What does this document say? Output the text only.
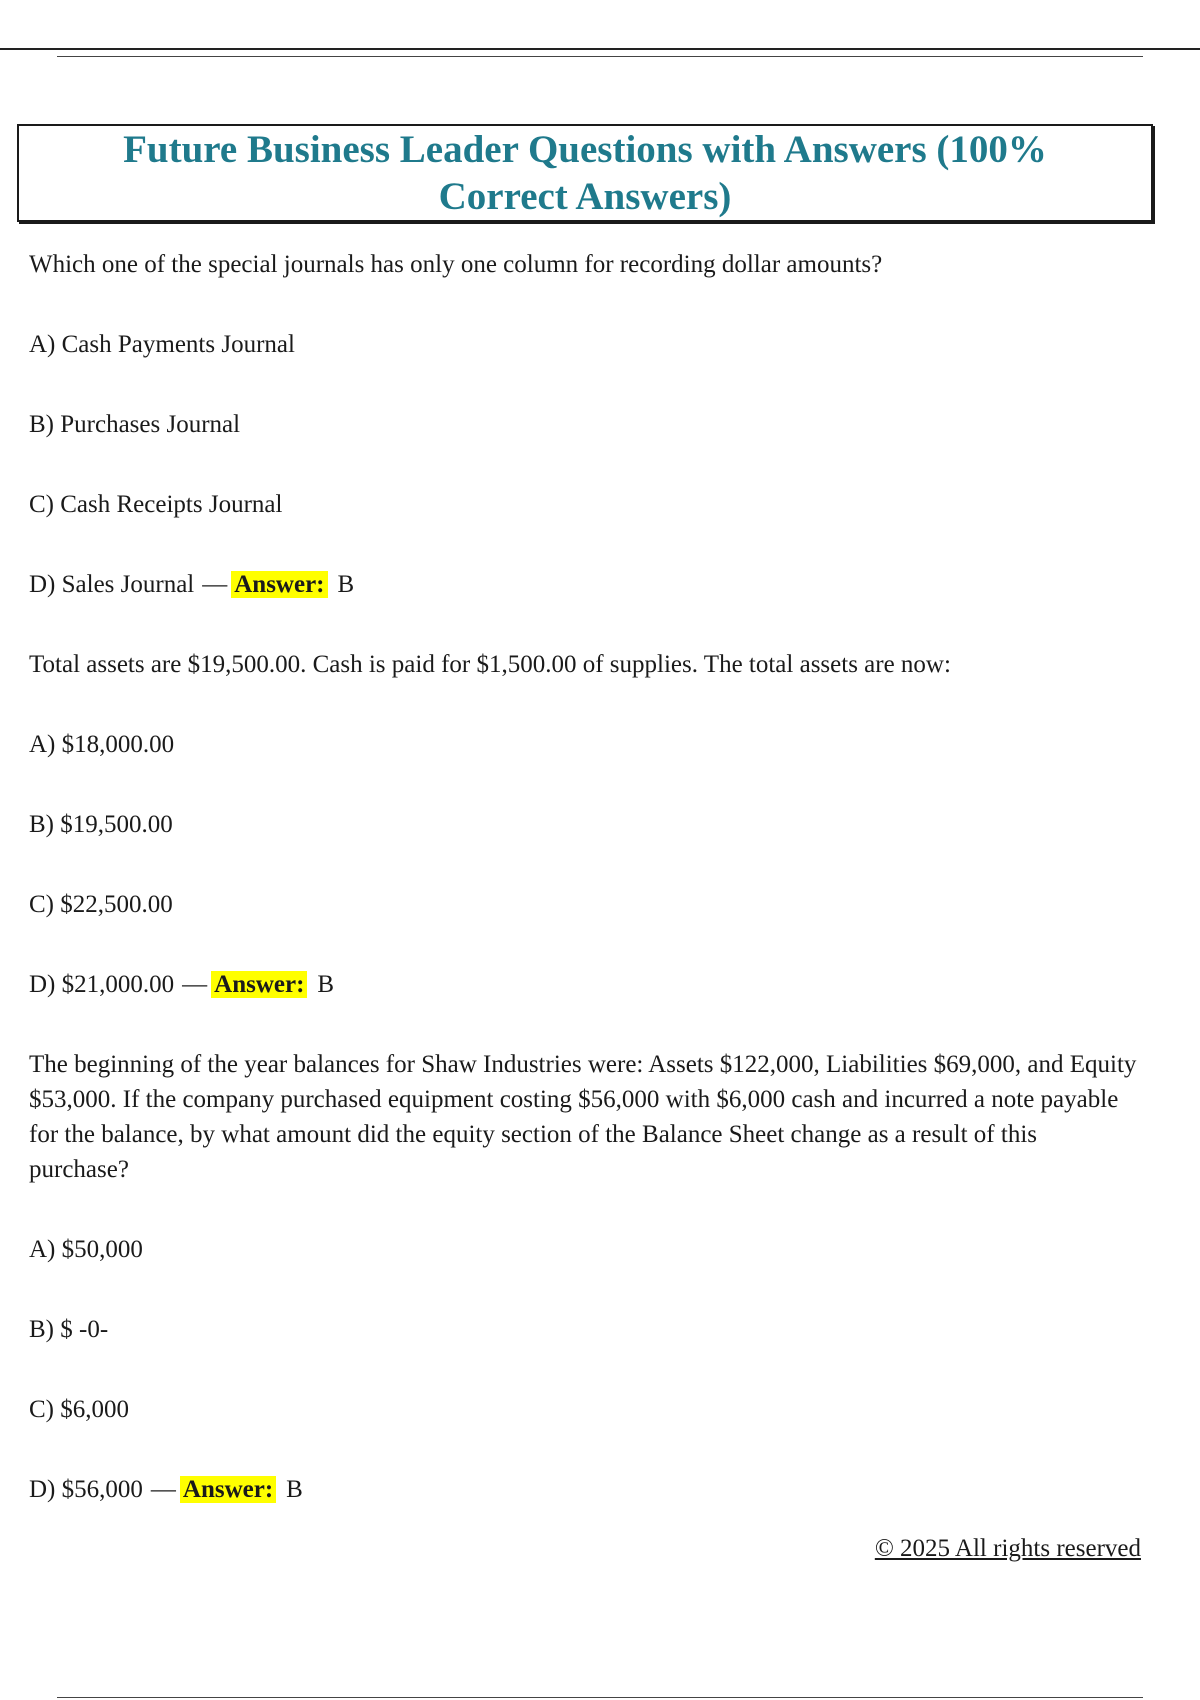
Future Business Leader Questions with Answers (100% Correct Answers)

Which one of the special journals has only one column for recording dollar amounts?

A) Cash Payments Journal

B) Purchases Journal

C) Cash Receipts Journal

D) Sales Journal — Answer: B

Total assets are $19,500.00. Cash is paid for $1,500.00 of supplies. The total assets are now:

A) $18,000.00

B) $19,500.00

C) $22,500.00

D) $21,000.00 — Answer: B

The beginning of the year balances for Shaw Industries were: Assets $122,000, Liabilities $69,000, and Equity $53,000. If the company purchased equipment costing $56,000 with $6,000 cash and incurred a note payable for the balance, by what amount did the equity section of the Balance Sheet change as a result of this purchase?

A) $50,000

B) $ -0-

C) $6,000

D) $56,000 — Answer: B

© 2025 All rights reserved
